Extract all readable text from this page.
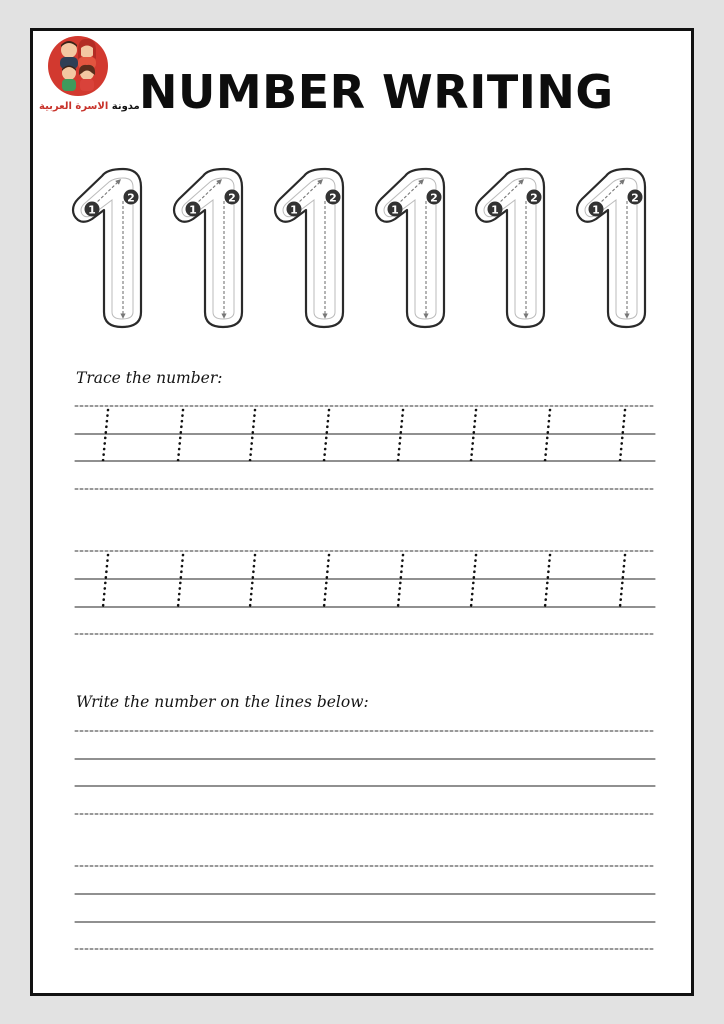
مدونة الاسرة العربية NUMBER WRITING
1
Trace the number:
Write the number on the lines below:
